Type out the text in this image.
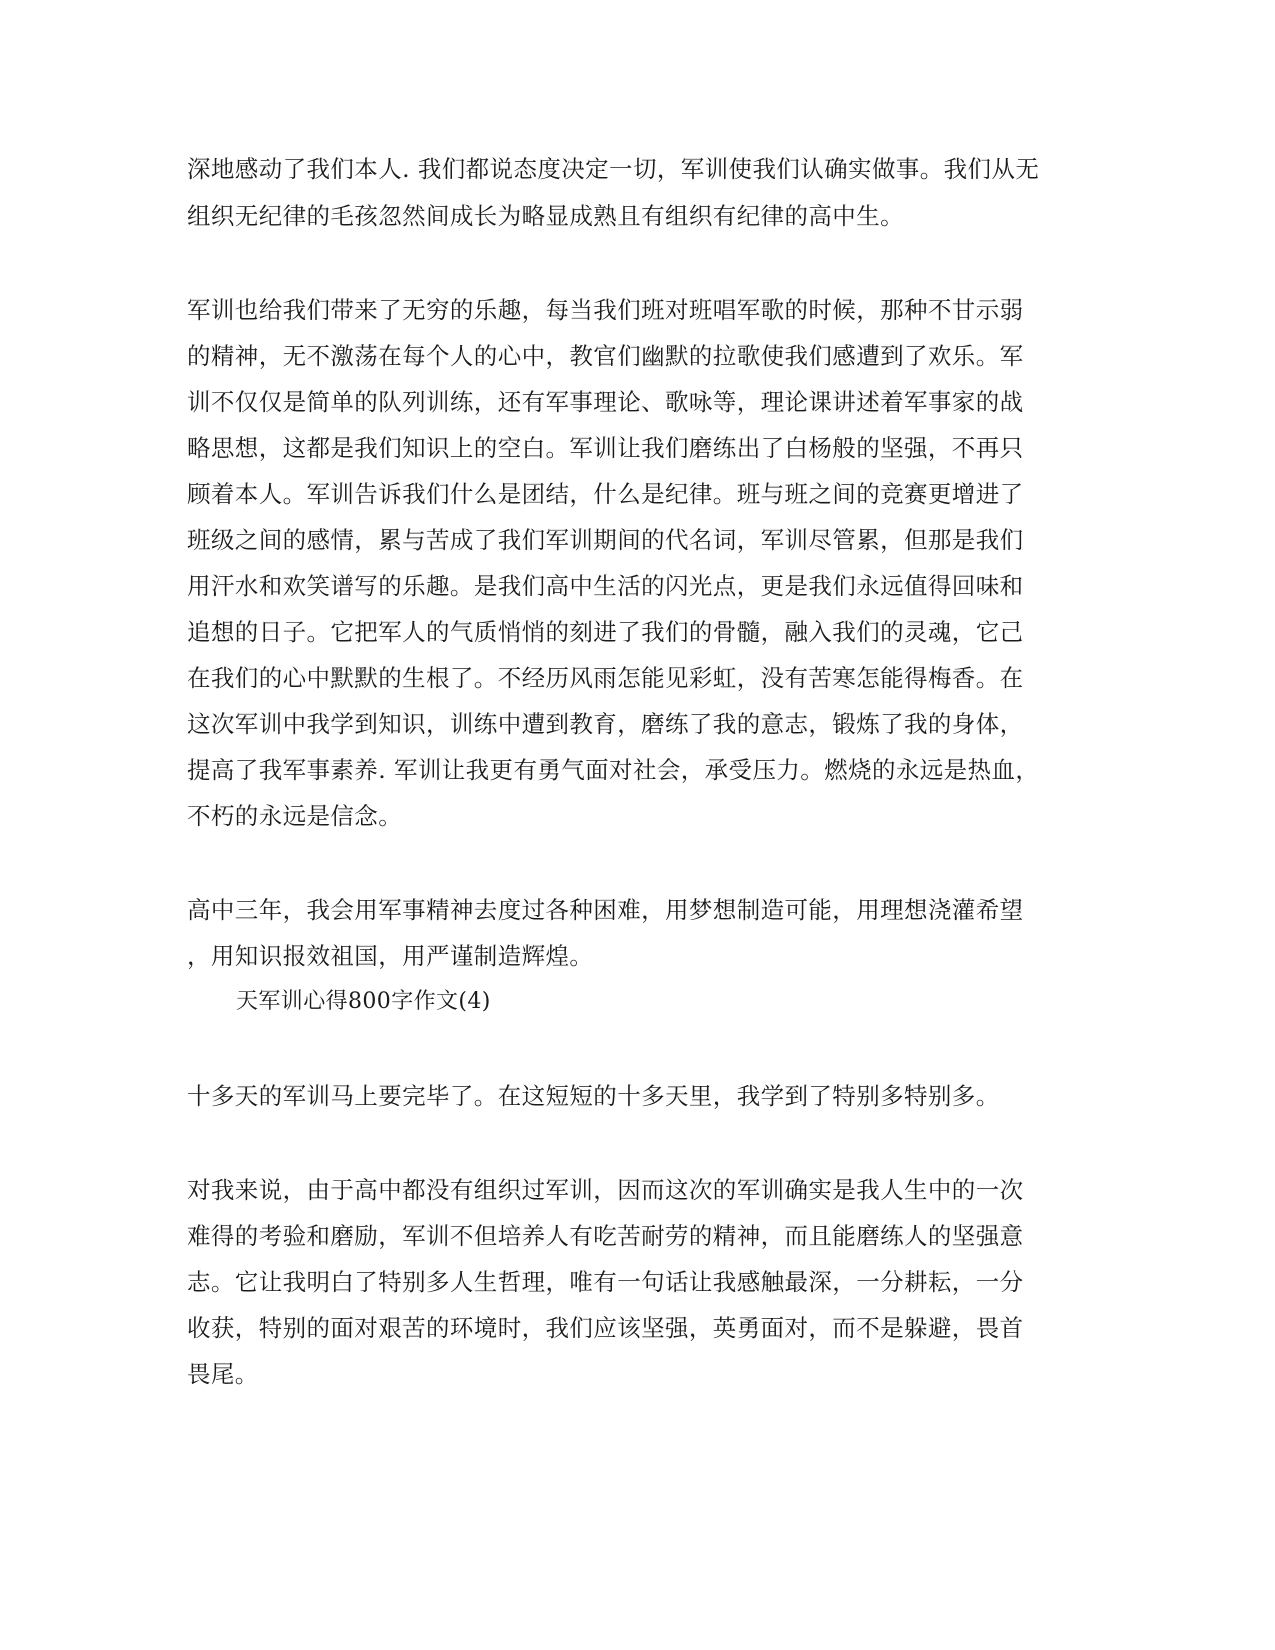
深地感动了我们本人. 我们都说态度决定一切，军训使我们认确实做事。我们从无

组织无纪律的毛孩忽然间成长为略显成熟且有组织有纪律的高中生。

军训也给我们带来了无穷的乐趣，每当我们班对班唱军歌的时候，那种不甘示弱

的精神，无不激荡在每个人的心中，教官们幽默的拉歌使我们感遭到了欢乐。军

训不仅仅是简单的队列训练，还有军事理论、歌咏等，理论课讲述着军事家的战

略思想，这都是我们知识上的空白。军训让我们磨练出了白杨般的坚强，不再只

顾着本人。军训告诉我们什么是团结，什么是纪律。班与班之间的竞赛更增进了

班级之间的感情，累与苦成了我们军训期间的代名词，军训尽管累，但那是我们

用汗水和欢笑谱写的乐趣。是我们高中生活的闪光点，更是我们永远值得回味和

追想的日子。它把军人的气质悄悄的刻进了我们的骨髓，融入我们的灵魂，它己

在我们的心中默默的生根了。不经历风雨怎能见彩虹，没有苦寒怎能得梅香。在

这次军训中我学到知识，训练中遭到教育，磨练了我的意志，锻炼了我的身体，

提高了我军事素养. 军训让我更有勇气面对社会，承受压力。燃烧的永远是热血，

不朽的永远是信念。

高中三年，我会用军事精神去度过各种困难，用梦想制造可能，用理想浇灌希望

，用知识报效祖国，用严谨制造辉煌。

天军训心得800字作文(4)

十多天的军训马上要完毕了。在这短短的十多天里，我学到了特别多特别多。

对我来说，由于高中都没有组织过军训，因而这次的军训确实是我人生中的一次

难得的考验和磨励，军训不但培养人有吃苦耐劳的精神，而且能磨练人的坚强意

志。它让我明白了特别多人生哲理，唯有一句话让我感触最深，一分耕耘，一分

收获，特别的面对艰苦的环境时，我们应该坚强，英勇面对，而不是躲避，畏首

畏尾。
